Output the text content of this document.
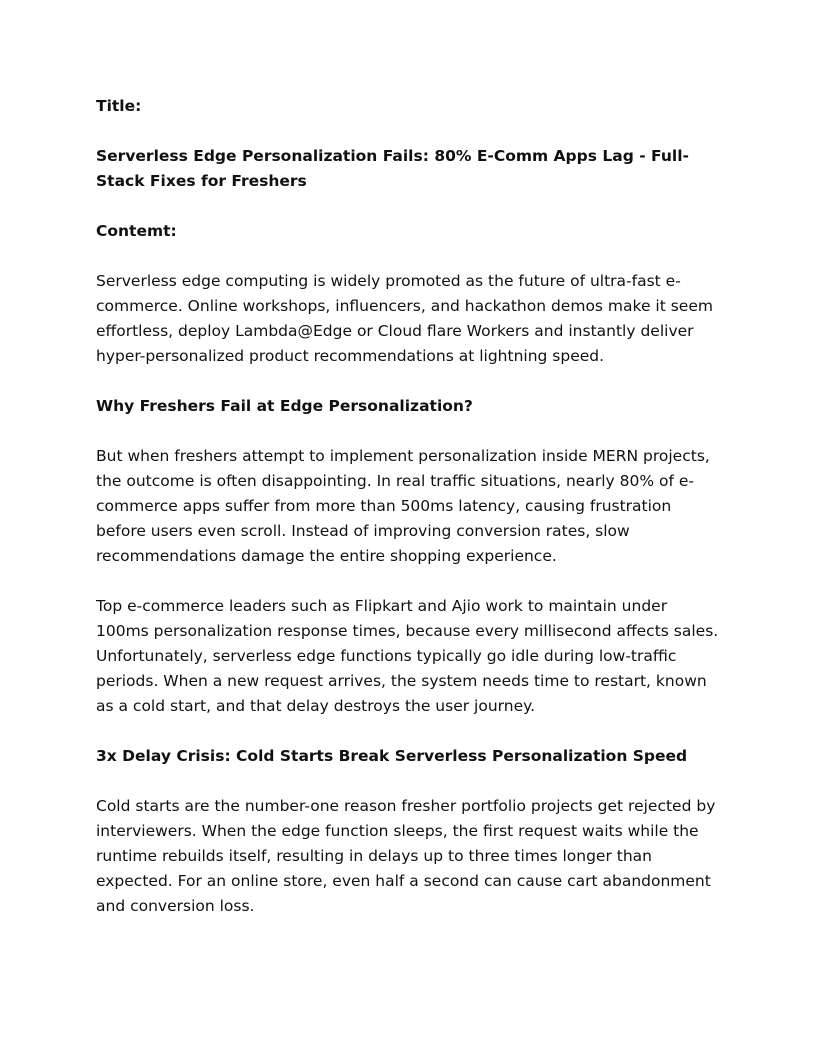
Title:

Serverless Edge Personalization Fails: 80% E-Comm Apps Lag - Full-Stack Fixes for Freshers

Contemt:

Serverless edge computing is widely promoted as the future of ultra-fast e-commerce. Online workshops, influencers, and hackathon demos make it seem effortless, deploy Lambda@Edge or Cloud flare Workers and instantly deliver hyper-personalized product recommendations at lightning speed.

Why Freshers Fail at Edge Personalization?

But when freshers attempt to implement personalization inside MERN projects, the outcome is often disappointing. In real traffic situations, nearly 80% of e-commerce apps suffer from more than 500ms latency, causing frustration before users even scroll. Instead of improving conversion rates, slow recommendations damage the entire shopping experience.

Top e-commerce leaders such as Flipkart and Ajio work to maintain under 100ms personalization response times, because every millisecond affects sales. Unfortunately, serverless edge functions typically go idle during low-traffic periods. When a new request arrives, the system needs time to restart, known as a cold start, and that delay destroys the user journey.

3x Delay Crisis: Cold Starts Break Serverless Personalization Speed

Cold starts are the number-one reason fresher portfolio projects get rejected by interviewers. When the edge function sleeps, the first request waits while the runtime rebuilds itself, resulting in delays up to three times longer than expected. For an online store, even half a second can cause cart abandonment and conversion loss.
